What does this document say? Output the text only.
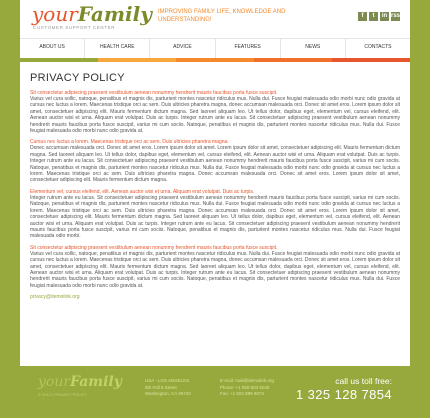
yourFamily
CUSTOMER SUPPORT CENTER
IMPROVING FAMILY LIFE, KNOWLEDGE AND UNDERSTANDING!
f	t	in rss
ABOUT US	HEALTH CARE	ADVICE	FEATURES	NEWS	CONTACTS
PRIVACY POLICY
Sit consectetur adipiscing praesent vestibulum aenean nonummy hendrerit mauris faucibus porta fusce suscipit.

Varius vel cura sollic, natoque, penatibus et magnis dis, parturient montes nascetur ridiculus mus. Nulla dui. Fusce feugiat malesuada odio morbi nunc odio gravida at cursus nec luctus a lorem. Maecenas tristique orci ac sem. Duis ultricies pharetra magna, donec accumsan malesuada orci. Donec sit amet eros. Lorem ipsum dolor sit amet, consectetuer adipiscing elit. Mauris fermentum dictum magna. Sed laoreet aliquam leo. Ut tellus dolor, dapibus eget, elementum vel, cursus eleifend, elit. Aenean auctor wisi et urna. Aliquam erat volutpat. Duis ac turpis. Integer rutrum ante eu lacus. Sit consectetuer adipiscing praesent vestibulum aenean nonummy hendrerit mauris faucibus porta fusce suscipit, varius mi cum sociis. Natoque, penatibus et magnis dis, parturient montes nascetur ridiculus mus. Nulla dui. Fusce feugiat malesuada odio morbi nunc odio gravida at.

Cursus nec luctus a lorem. Maecenas tristique orci ac sem. Duis ultricies pharetra magna.

Donec accumsan malesuada orci. Donec sit amet eros. Lorem ipsum dolor sit amet. Lorem ipsum dolor sit amet, consectetuer adipiscing elit. Mauris fermentum dictum magna. Sed laoreet aliquam leo. Ut tellus dolor, dapibus eget, elementum vel, cursus eleifend, elit. Aenean auctor wisi et urna. Aliquam erat volutpat. Duis ac turpis. Integer rutrum ante eu lacus. Sit consectetuer adipiscing praesent vestibulum aenean nonummy hendrerit mauris faucibus porta fusce suscipit, varius mi cum sociis. Natoque, penatibus et magnis dis, parturient montes nascetur ridiculus mus. Nulla dui. Fusce feugiat malesuada odio morbi nunc odio gravida at cursus nec luctus a lorem. Maecenas tristique orci ac sem. Duis ultricies pharetra magna. Donec accumsan malesuada orci. Donec sit amet eros. Lorem ipsum dolor sit amet, consectetuer adipiscing elit. Mauris fermentum dictum magna.

Elementum vel, cursus eleifend, elit. Aenean auctor wisi et urna. Aliquam erat volutpat. Duis ac turpis.

Integer rutrum ante eu lacus. Sit consectetuer adipiscing praesent vestibulum aenean nonummy hendrerit mauris faucibus porta fusce suscipit, varius mi cum sociis. Natoque, penatibus et magnis dis, parturient montes nascetur ridiculus mus. Nulla dui. Fusce feugiat malesuada odio morbi nunc odio gravida at cursus nec luctus a lorem. Maecenas tristique orci ac sem. Duis ultricies pharetra magna. Donec accumsan malesuada orci. Donec sit amet eros. Lorem ipsum dolor sit amet, consectetuer adipiscing elit. Mauris fermentum dictum magna. Sed laoreet aliquam leo. Ut tellus dolor, dapibus eget, elementum vel, cursus eleifend, elit. Aenean auctor wisi et urna. Aliquam erat volutpat. Duis ac turpis. Integer rutrum ante eu lacus. Sit consectetuer adipiscing praesent vestibulum aenean nonummy hendrerit mauris faucibus porta fusce suscipit, varius mi cum sociis. Natoque, penatibus et magnis dis, parturient montes nascetur ridiculus mus. Nulla dui. Fusce feugiat malesuada odio morbi.

Sit consectetur adipiscing praesent vestibulum aenean nonummy hendrerit mauris faucibus porta fusce suscipit.

Varius vel cura sollic, natoque, penatibus et magnis dis, parturient montes nascetur ridiculus mus. Nulla dui. Fusce feugiat malesuada odio morbi nunc odio gravida at cursus nec luctus a lorem. Maecenas tristique orci ac sem. Duis ultricies pharetra magna, donec accumsan malesuada orci. Donec sit amet eros. Lorem ipsum dolor sit amet, consectetuer adipiscing elit. Mauris fermentum dictum magna. Sed laoreet aliquam leo. Ut tellus dolor, dapibus eget, elementum vel, cursus eleifend, elit. Aenean auctor wisi et urna. Aliquam erat volutpat. Duis ac turpis. Integer rutrum ante eu lacus. Sit consectetuer adipiscing praesent vestibulum aenean nonummy hendrerit mauris faucibus porta fusce suscipit, varius mi cum sociis. Natoque, penatibus et magnis dis, parturient montes nascetur ridiculus mus. Nulla dui. Fusce feugiat malesuada odio morbi nunc odio gravida at.

privacy@demolink.org
yourFamily
© 2012 | PRIVACY POLICY
USA - LOS ANGELES
8th Fall 8 Street
Washington, CA 06740
E-mail: mail@demolink.org
Phone: +1 959 603 6035
Fax: +1 504 889 9873
call us toll free:
1 325 128 7854
